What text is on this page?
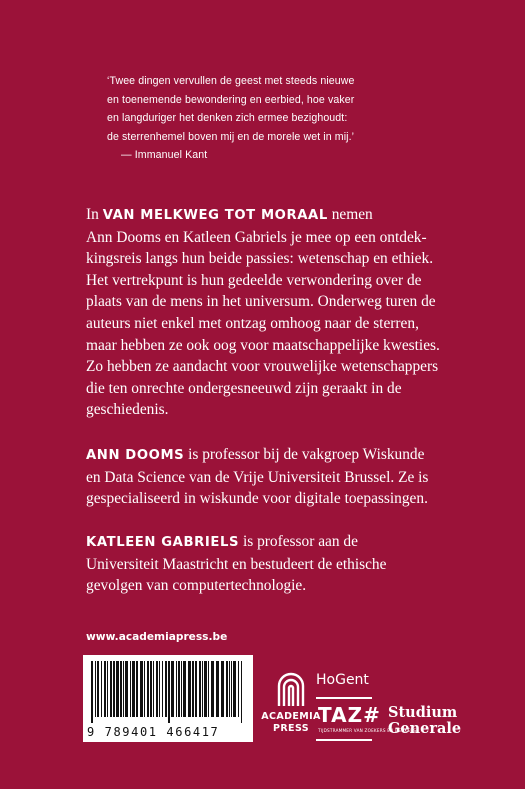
‘Twee dingen vervullen de geest met steeds nieuwe
en toenemende bewondering en eerbied, hoe vaker
en langduriger het denken zich ermee bezighoudt:
de sterrenhemel boven mij en de morele wet in mij.’
— Immanuel Kant
In VAN MELKWEG TOT MORAAL nemen
Ann Dooms en Katleen Gabriels je mee op een ontdek-
kingsreis langs hun beide passies: wetenschap en ethiek.
Het vertrekpunt is hun gedeelde verwondering over de
plaats van de mens in het universum. Onderweg turen de
auteurs niet enkel met ontzag omhoog naar de sterren,
maar hebben ze ook oog voor maatschappelijke kwesties.
Zo hebben ze aandacht voor vrouwelijke wetenschappers
die ten onrechte ondergesneeuwd zijn geraakt in de
geschiedenis.
ANN DOOMS is professor bij de vakgroep Wiskunde
en Data Science van de Vrije Universiteit Brussel. Ze is
gespecialiseerd in wiskunde voor digitale toepassingen.
KATLEEN GABRIELS is professor aan de
Universiteit Maastricht en bestudeert de ethische
gevolgen van computertechnologie.
www.academiapress.be
9 789401 466417
ACADEMIA
PRESS
HoGent
TAZ#
TIJDSTRAMMER VAN ZOEKERS EN DENKERS
Studium
Generale
